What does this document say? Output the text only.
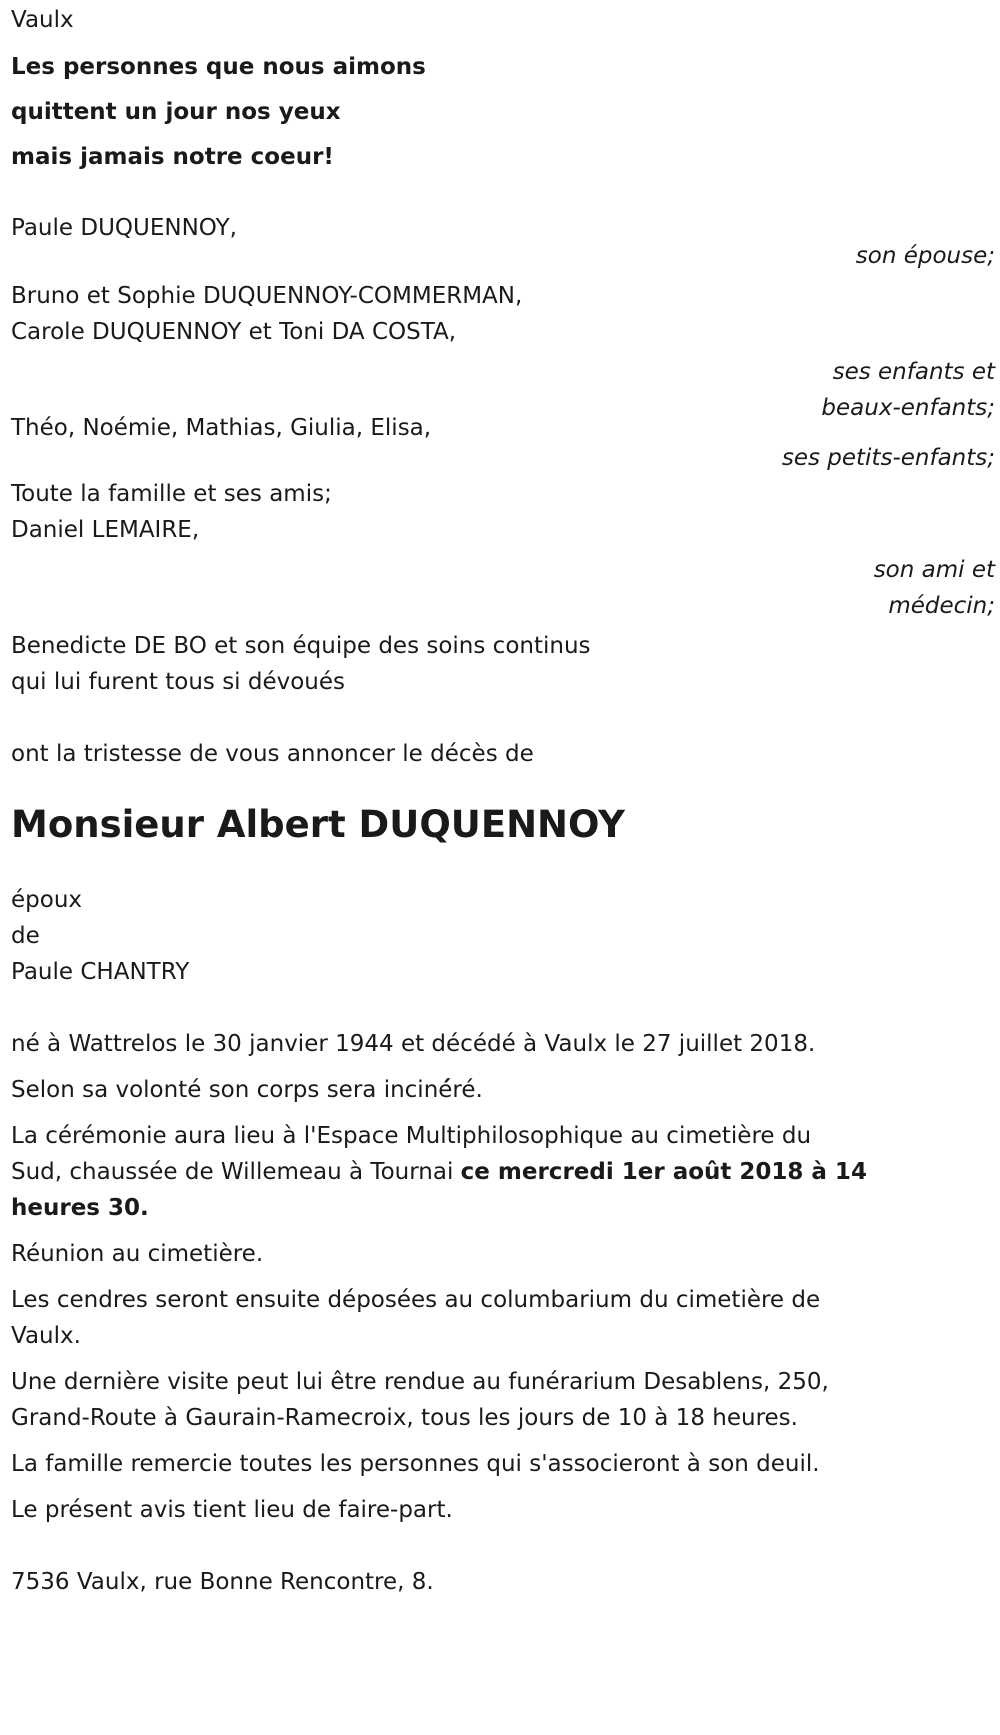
Vaulx
Les personnes que nous aimons
quittent un jour nos yeux
mais jamais notre coeur!
Paule DUQUENNOY,
son épouse;
Bruno et Sophie DUQUENNOY-COMMERMAN,
Carole DUQUENNOY et Toni DA COSTA,
ses enfants et
beaux-enfants;
Théo, Noémie, Mathias, Giulia, Elisa,
ses petits-enfants;
Toute la famille et ses amis;
Daniel LEMAIRE,
son ami et
médecin;
Benedicte DE BO et son équipe des soins continus
qui lui furent tous si dévoués
ont la tristesse de vous annoncer le décès de
Monsieur Albert DUQUENNOY
époux
de
Paule CHANTRY
né à Wattrelos le 30 janvier 1944 et décédé à Vaulx le 27 juillet 2018.
Selon sa volonté son corps sera inciné́ré.
La cérémonie aura lieu à l'Espace Multiphilosophique au cimetière du
Sud, chaussée de Willemeau à Tournai ce mercredi 1er août 2018 à 14
heures 30.
Réunion au cimetière.
Les cendres seront ensuite déposées au columbarium du cimetière de
Vaulx.
Une dernière visite peut lui être rendue au funérarium Desablens, 250,
Grand-Route à Gaurain-Ramecroix, tous les jours de 10 à 18 heures.
La famille remercie toutes les personnes qui s'associeront à son deuil.
Le présent avis tient lieu de faire-part.
7536 Vaulx, rue Bonne Rencontre, 8.
